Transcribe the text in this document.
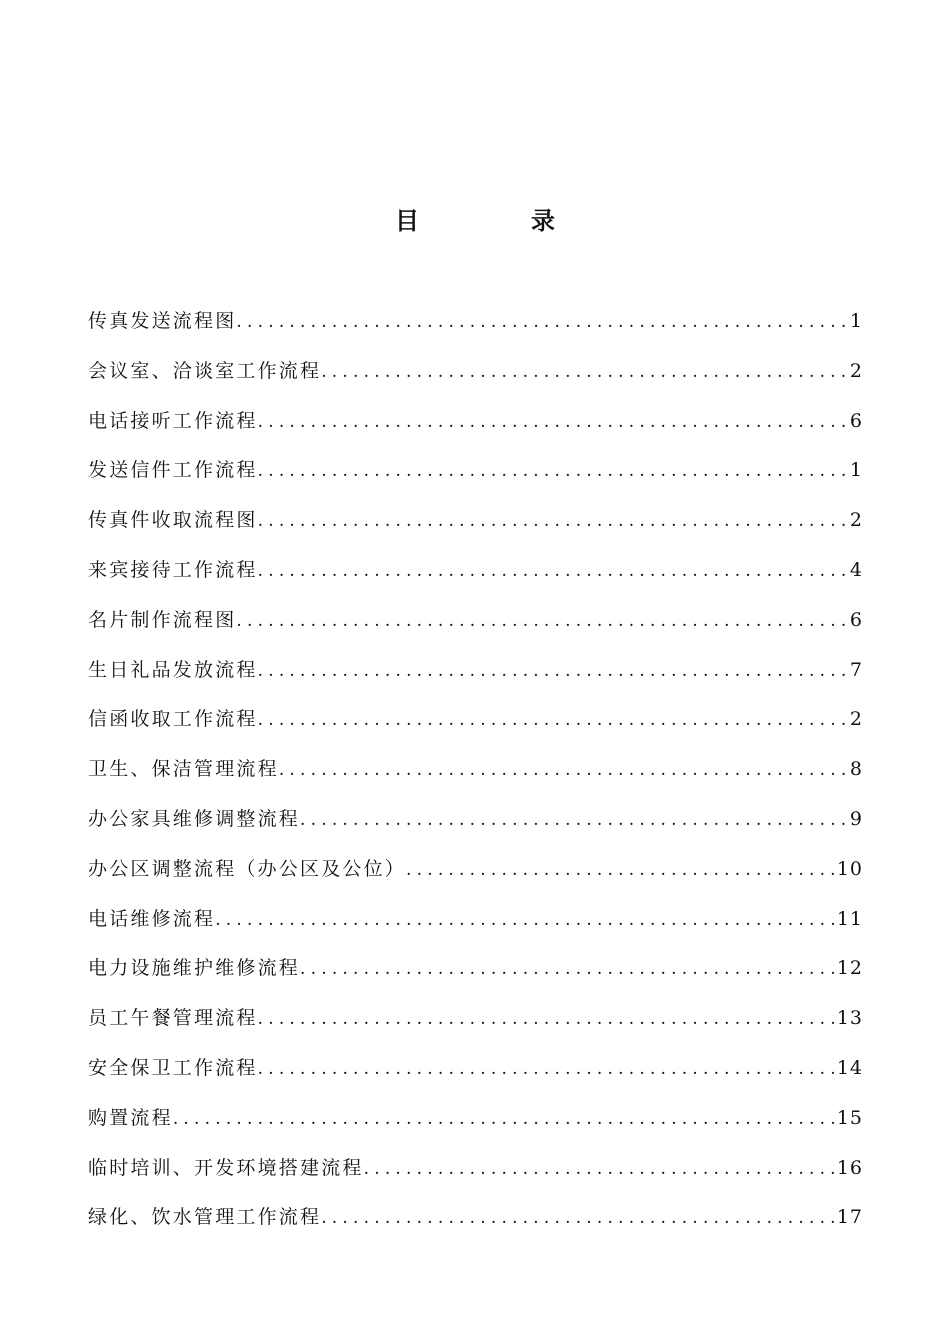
目　录
传真发送流程图 .....	1
会议室、洽谈室工作流程 .....	2
电话接听工作流程 .....	6
发送信件工作流程 .....	1
传真件收取流程图 .....	2
来宾接待工作流程 .....	4
名片制作流程图 .....	6
生日礼品发放流程 .....	7
信函收取工作流程 .....	2
卫生、保洁管理流程 .....	8
办公家具维修调整流程 .....	9
办公区调整流程（办公区及公位） .....	10
电话维修流程 .....	11
电力设施维护维修流程 .....	12
员工午餐管理流程 .....	13
安全保卫工作流程 .....	14
购置流程 .....	15
临时培训、开发环境搭建流程 .....	16
绿化、饮水管理工作流程 .....	17
